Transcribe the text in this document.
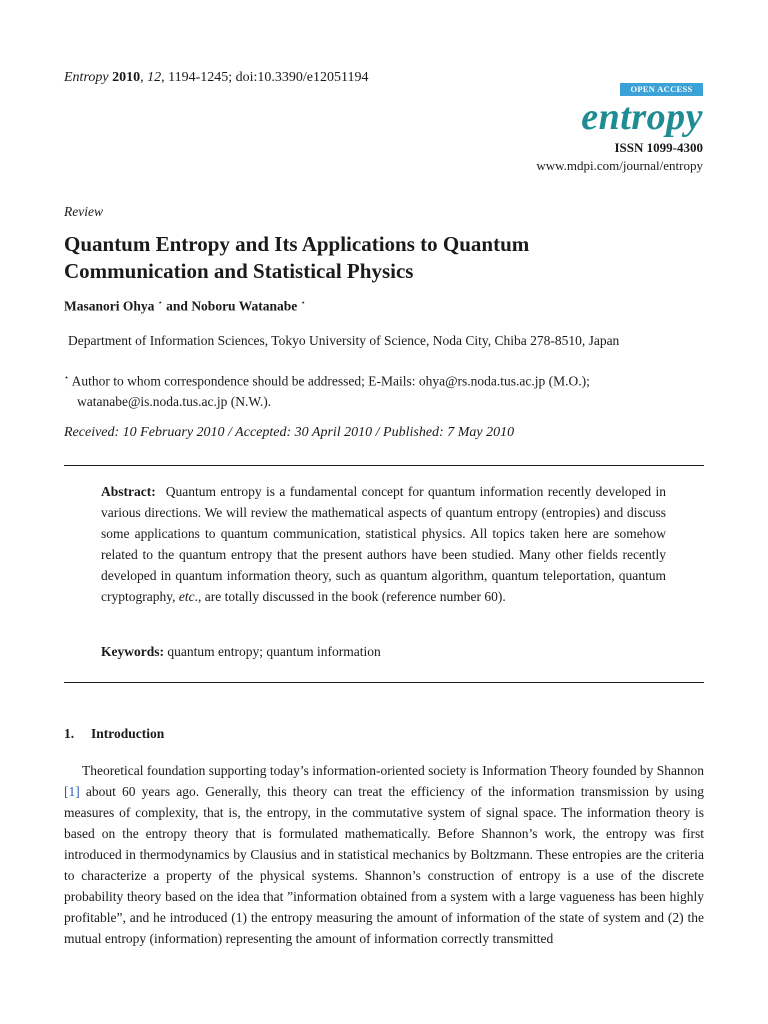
Entropy 2010, 12, 1194-1245; doi:10.3390/e12051194
OPEN ACCESS
entropy
ISSN 1099-4300
www.mdpi.com/journal/entropy
Review
Quantum Entropy and Its Applications to Quantum
Communication and Statistical Physics
Masanori Ohya ⋆ and Noboru Watanabe ⋆
Department of Information Sciences, Tokyo University of Science, Noda City, Chiba 278-8510, Japan
⋆ Author to whom correspondence should be addressed; E-Mails: ohya@rs.noda.tus.ac.jp (M.O.);
watanabe@is.noda.tus.ac.jp (N.W.).
Received: 10 February 2010 / Accepted: 30 April 2010 / Published: 7 May 2010
Abstract: Quantum entropy is a fundamental concept for quantum information recently developed in various directions. We will review the mathematical aspects of quantum entropy (entropies) and discuss some applications to quantum communication, statistical physics. All topics taken here are somehow related to the quantum entropy that the present authors have been studied. Many other fields recently developed in quantum information theory, such as quantum algorithm, quantum teleportation, quantum cryptography, etc., are totally discussed in the book (reference number 60).
Keywords: quantum entropy; quantum information
1. Introduction
Theoretical foundation supporting today’s information-oriented society is Information Theory founded by Shannon [1] about 60 years ago. Generally, this theory can treat the efficiency of the information transmission by using measures of complexity, that is, the entropy, in the commutative system of signal space. The information theory is based on the entropy theory that is formulated mathematically. Before Shannon’s work, the entropy was first introduced in thermodynamics by Clausius and in statistical mechanics by Boltzmann. These entropies are the criteria to characterize a property of the physical systems. Shannon’s construction of entropy is a use of the discrete probability theory based on the idea that ”information obtained from a system with a large vagueness has been highly profitable”, and he introduced (1) the entropy measuring the amount of information of the state of system and (2) the mutual entropy (information) representing the amount of information correctly transmitted
